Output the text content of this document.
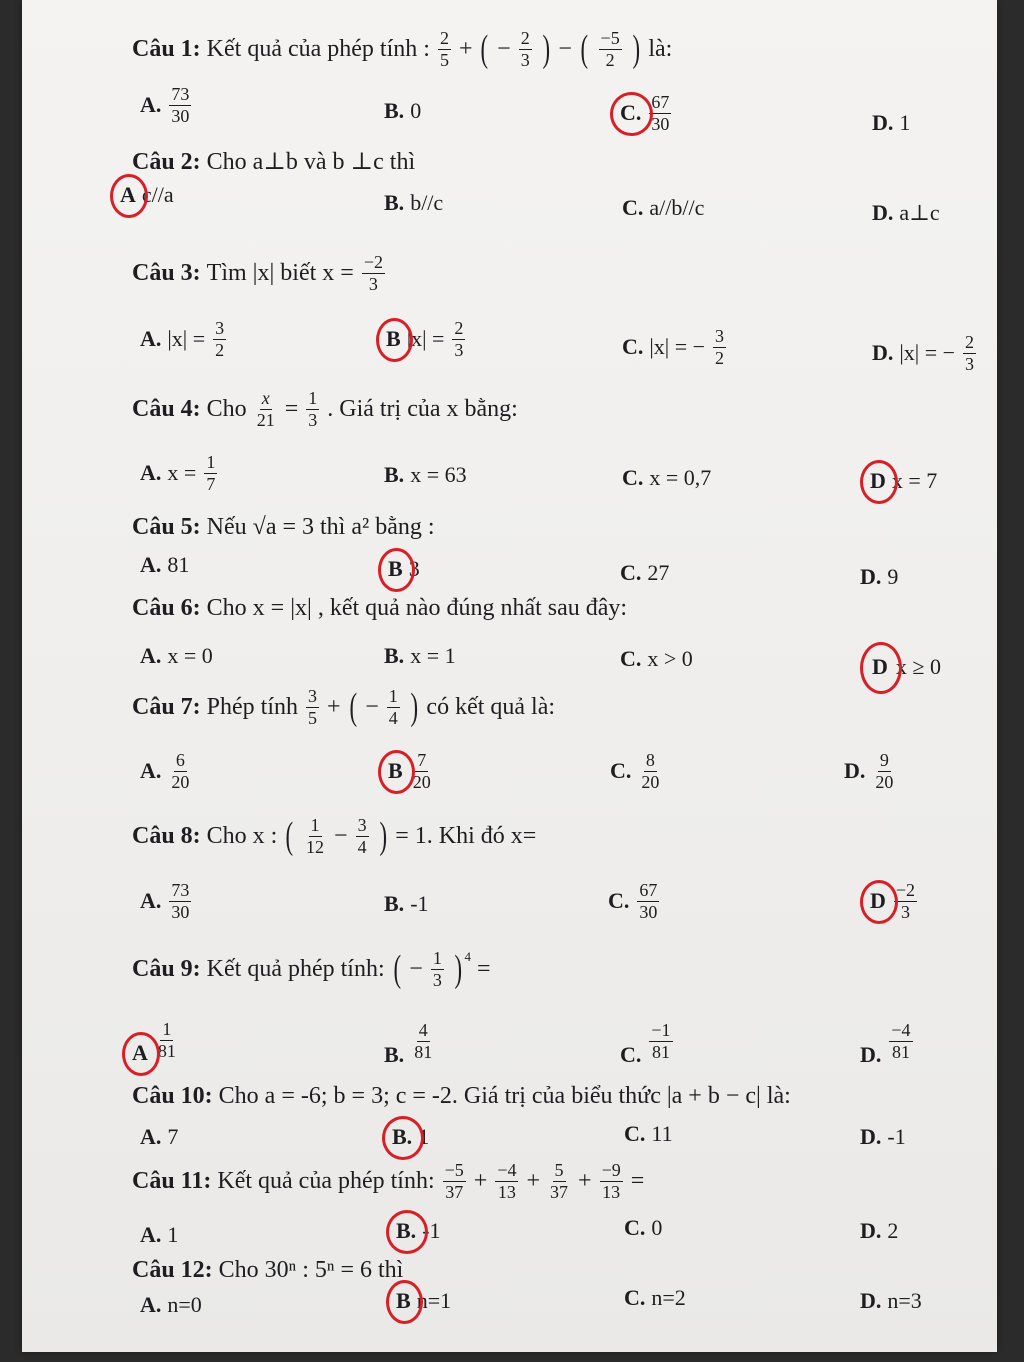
Câu 1: Kết quả của phép tính : $\frac{2}{5}$ + ( − $\frac{2}{3}$ ) − ( $\frac{-5}{2}$ ) là:
A. $\frac{73}{30}$	B. 0	C. $\frac{67}{30}$	D. 1
Câu 2: Cho a⊥b và b ⊥c thì
A c//a	B. b//c	C. a//b//c	D. a⊥c
Câu 3: Tìm |x| biết $x = \frac{-2}{3}$
A. $|x| = \frac{3}{2}$	B $|x| = \frac{2}{3}$	C. |x| = − $\frac{3}{2}$	D. |x| = − $\frac{2}{3}$
Câu 4: Cho $\frac{x}{21} = \frac{1}{3}$ . Giá trị của x bằng:
A. $x = \frac{1}{7}$	B. x = 63	C. x = 0,7	D x = 7
Câu 5: Nếu √a = 3 thì a² bằng :
A. 81	B 3	C. 27	D. 9
Câu 6: Cho x = |x| , kết quả nào đúng nhất sau đây:
A. x = 0	B. x = 1	C. x > 0	D x ≥ 0
Câu 7: Phép tính $\frac{3}{5}$ + ( − $\frac{1}{4}$ ) có kết quả là:
A. $\frac{6}{20}$	B $\frac{7}{20}$	C. $\frac{8}{20}$	D. $\frac{9}{20}$
Câu 8: Cho x : ( $\frac{1}{12} - \frac{3}{4}$ ) = 1. Khi đó x=
A. $\frac{73}{30}$	B. -1	C. $\frac{67}{30}$	D $\frac{-2}{3}$
Câu 9: Kết quả phép tính: ( − $\frac{1}{3} )^4$ =
A $\frac{1}{81}$	B. $\frac{4}{81}$	C. $\frac{-1}{81}$	D. $\frac{-4}{81}$
Câu 10: Cho a = -6; b = 3; c = -2. Giá trị của biểu thức |a + b − c| là:
A. 7	B. 1	C. 11	D. -1
Câu 11: Kết quả của phép tính: $\frac{-5}{37} + \frac{-4}{13} + \frac{5}{37} + \frac{-9}{13}$ =
A. 1	B. -1	C. 0	D. 2
Câu 12: Cho 30ⁿ : 5ⁿ = 6 thì
A. n=0	B n=1	C. n=2	D. n=3
